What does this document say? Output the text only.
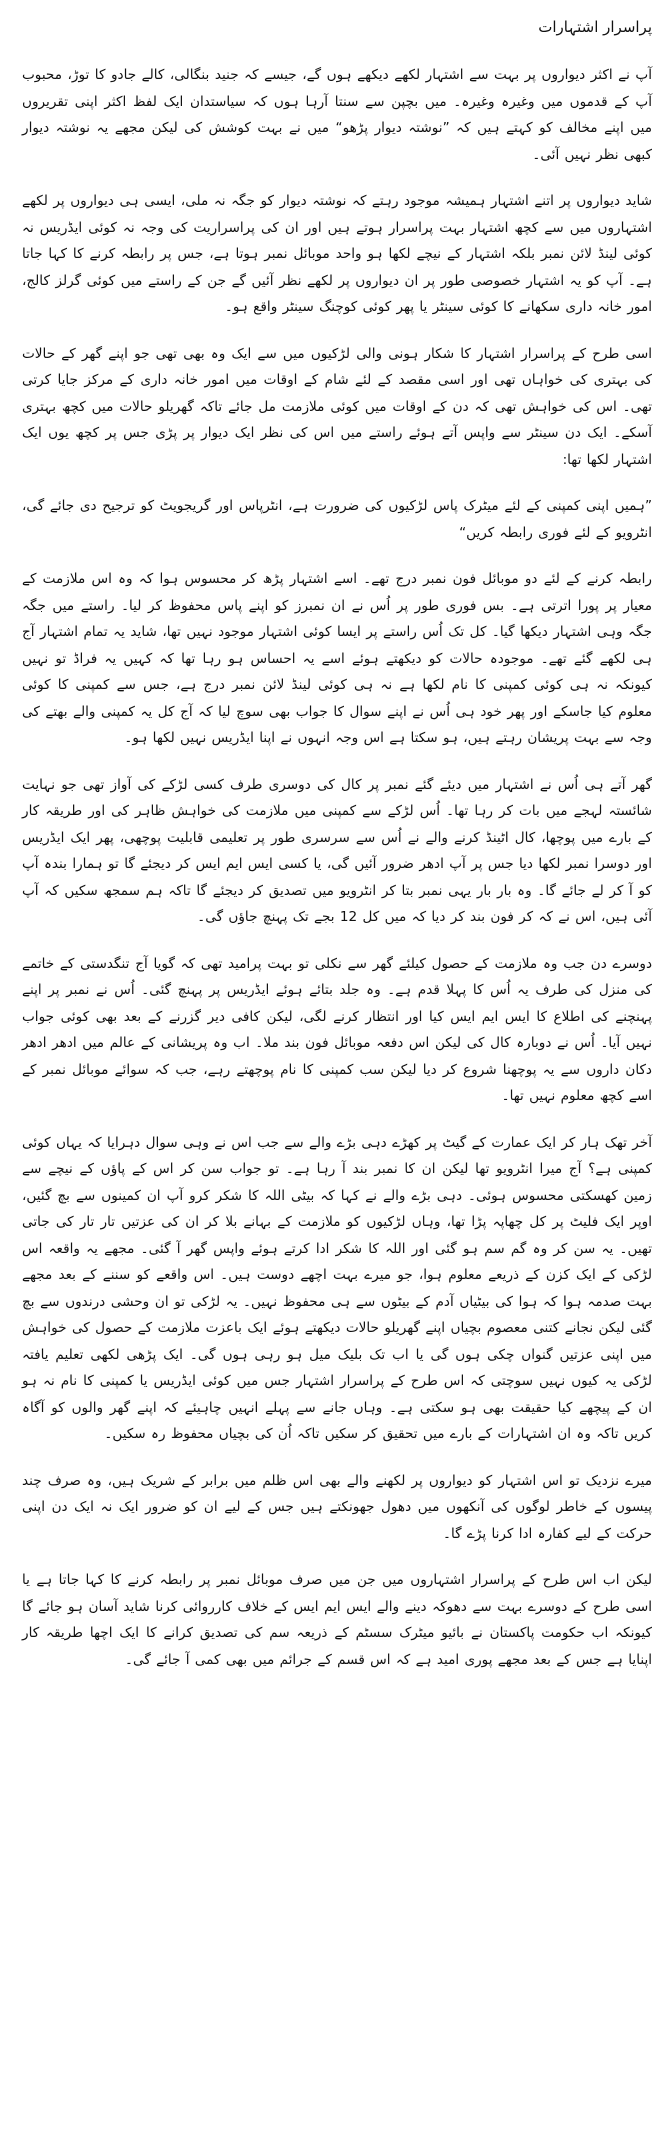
پراسرار اشتہارات

آپ نے اکثر دیواروں پر بہت سے اشتہار لکھے دیکھے ہوں گے، جیسے کہ جنید بنگالی، کالے جادو کا توڑ، محبوب آپ کے قدموں میں وغیرہ وغیرہ۔ میں بچپن سے سنتا آرہا ہوں کہ سیاستدان ایک لفظ اکثر اپنی تقریروں میں اپنے مخالف کو کہتے ہیں کہ ”نوشتہ دیوار پڑھو“ میں نے بہت کوشش کی لیکن مجھے یہ نوشتہ دیوار کبھی نظر نہیں آئی۔

شاید دیواروں پر اتنے اشتہار ہمیشہ موجود رہتے کہ نوشتہ دیوار کو جگہ نہ ملی، ایسی ہی دیواروں پر لکھے اشتہاروں میں سے کچھ اشتہار بہت پراسرار ہوتے ہیں اور ان کی پراسراریت کی وجہ نہ کوئی ایڈریس نہ کوئی لینڈ لائن نمبر بلکہ اشتہار کے نیچے لکھا ہو واحد موبائل نمبر ہوتا ہے، جس پر رابطہ کرنے کا کہا جاتا ہے۔ آپ کو یہ اشتہار خصوصی طور پر ان دیواروں پر لکھے نظر آئیں گے جن کے راستے میں کوئی گرلز کالج، امور خانہ داری سکھانے کا کوئی سینٹر یا پھر کوئی کوچنگ سینٹر واقع ہو۔

اسی طرح کے پراسرار اشتہار کا شکار ہونی والی لڑکیوں میں سے ایک وہ بھی تھی جو اپنے گھر کے حالات کی بہتری کی خواہاں تھی اور اسی مقصد کے لئے شام کے اوقات میں امور خانہ داری کے مرکز جایا کرتی تھی۔ اس کی خواہش تھی کہ دن کے اوقات میں کوئی ملازمت مل جائے تاکہ گھریلو حالات میں کچھ بہتری آسکے۔ ایک دن سینٹر سے واپس آتے ہوئے راستے میں اس کی نظر ایک دیوار پر پڑی جس پر کچھ یوں ایک اشتہار لکھا تھا:

”ہمیں اپنی کمپنی کے لئے میٹرک پاس لڑکیوں کی ضرورت ہے، انٹرپاس اور گریجویٹ کو ترجیح دی جائے گی، انٹرویو کے لئے فوری رابطہ کریں“

رابطہ کرنے کے لئے دو موبائل فون نمبر درج تھے۔ اسے اشتہار پڑھ کر محسوس ہوا کہ وہ اس ملازمت کے معیار پر پورا اترتی ہے۔ بس فوری طور پر اُس نے ان نمبرز کو اپنے پاس محفوظ کر لیا۔ راستے میں جگہ جگہ وہی اشتہار دیکھا گیا۔ کل تک اُس راستے پر ایسا کوئی اشتہار موجود نہیں تھا، شاید یہ تمام اشتہار آج ہی لکھے گئے تھے۔ موجودہ حالات کو دیکھتے ہوئے اسے یہ احساس ہو رہا تھا کہ کہیں یہ فراڈ تو نہیں کیونکہ نہ ہی کوئی کمپنی کا نام لکھا ہے نہ ہی کوئی لینڈ لائن نمبر درج ہے، جس سے کمپنی کا کوئی معلوم کیا جاسکے اور پھر خود ہی اُس نے اپنے سوال کا جواب بھی سوچ لیا کہ آج کل یہ کمپنی والے بھتے کی وجہ سے بہت پریشان رہتے ہیں، ہو سکتا ہے اس وجہ انہوں نے اپنا ایڈریس نہیں لکھا ہو۔

گھر آتے ہی اُس نے اشتہار میں دیئے گئے نمبر پر کال کی دوسری طرف کسی لڑکے کی آواز تھی جو نہایت شائستہ لہجے میں بات کر رہا تھا۔ اُس لڑکے سے کمپنی میں ملازمت کی خواہش ظاہر کی اور طریقہ کار کے بارے میں پوچھا، کال اٹینڈ کرنے والے نے اُس سے سرسری طور پر تعلیمی قابلیت پوچھی، پھر ایک ایڈریس اور دوسرا نمبر لکھا دیا جس پر آپ ادھر ضرور آئیں گی، یا کسی ایس ایم ایس کر دیجئے گا تو ہمارا بندہ آپ کو آ کر لے جائے گا۔ وہ بار بار یہی نمبر بتا کر انٹرویو میں تصدیق کر دیجئے گا تاکہ ہم سمجھ سکیں کہ آپ آئی ہیں، اس نے کہ کر فون بند کر دیا کہ میں کل 12 بجے تک پہنچ جاؤں گی۔

دوسرے دن جب وہ ملازمت کے حصول کیلئے گھر سے نکلی تو بہت پرامید تھی کہ گویا آج تنگدستی کے خاتمے کی منزل کی طرف یہ اُس کا پہلا قدم ہے۔ وہ جلد بتائے ہوئے ایڈریس پر پہنچ گئی۔ اُس نے نمبر پر اپنے پہنچنے کی اطلاع کا ایس ایم ایس کیا اور انتظار کرنے لگی، لیکن کافی دیر گزرنے کے بعد بھی کوئی جواب نہیں آیا۔ اُس نے دوبارہ کال کی لیکن اس دفعہ موبائل فون بند ملا۔ اب وہ پریشانی کے عالم میں ادھر ادھر دکان داروں سے یہ پوچھنا شروع کر دیا لیکن سب کمپنی کا نام پوچھتے رہے، جب کہ سوائے موبائل نمبر کے اسے کچھ معلوم نہیں تھا۔

آخر تھک ہار کر ایک عمارت کے گیٹ پر کھڑے دہی بڑے والے سے جب اس نے وہی سوال دہرایا کہ یہاں کوئی کمپنی ہے؟ آج میرا انٹرویو تھا لیکن ان کا نمبر بند آ رہا ہے۔ تو جواب سن کر اس کے پاؤں کے نیچے سے زمین کھسکتی محسوس ہوئی۔ دہی بڑے والے نے کہا کہ بیٹی اللہ کا شکر کرو آپ ان کمینوں سے بچ گئیں، اوپر ایک فلیٹ پر کل چھاپہ پڑا تھا، وہاں لڑکیوں کو ملازمت کے بہانے بلا کر ان کی عزتیں تار تار کی جاتی تھیں۔ یہ سن کر وہ گم سم ہو گئی اور اللہ کا شکر ادا کرتے ہوئے واپس گھر آ گئی۔ مجھے یہ واقعہ اس لڑکی کے ایک کزن کے ذریعے معلوم ہوا، جو میرے بہت اچھے دوست ہیں۔ اس واقعے کو سننے کے بعد مجھے بہت صدمہ ہوا کہ ہوا کی بیٹیاں آدم کے بیٹوں سے ہی محفوظ نہیں۔ یہ لڑکی تو ان وحشی درندوں سے بچ گئی لیکن نجانے کتنی معصوم بچیاں اپنے گھریلو حالات دیکھتے ہوئے ایک باعزت ملازمت کے حصول کی خواہش میں اپنی عزتیں گنواں چکی ہوں گی یا اب تک بلیک میل ہو رہی ہوں گی۔ ایک پڑھی لکھی تعلیم یافتہ لڑکی یہ کیوں نہیں سوچتی کہ اس طرح کے پراسرار اشتہار جس میں کوئی ایڈریس یا کمپنی کا نام نہ ہو ان کے پیچھے کیا حقیقت بھی ہو سکتی ہے۔ وہاں جانے سے پہلے انہیں چاہیئے کہ اپنے گھر والوں کو آگاہ کریں تاکہ وہ ان اشتہارات کے بارے میں تحقیق کر سکیں تاکہ اُن کی بچیاں محفوظ رہ سکیں۔

میرے نزدیک تو اس اشتہار کو دیواروں پر لکھنے والے بھی اس ظلم میں برابر کے شریک ہیں، وہ صرف چند پیسوں کے خاطر لوگوں کی آنکھوں میں دھول جھونکتے ہیں جس کے لیے ان کو ضرور ایک نہ ایک دن اپنی حرکت کے لیے کفارہ ادا کرنا پڑے گا۔

لیکن اب اس طرح کے پراسرار اشتہاروں میں جن میں صرف موبائل نمبر پر رابطہ کرنے کا کہا جاتا ہے یا اسی طرح کے دوسرے بہت سے دھوکہ دینے والے ایس ایم ایس کے خلاف کارروائی کرنا شاید آسان ہو جائے گا کیونکہ اب حکومت پاکستان نے بائیو میٹرک سسٹم کے ذریعہ سم کی تصدیق کرانے کا ایک اچھا طریقہ کار اپنایا ہے جس کے بعد مجھے پوری امید ہے کہ اس قسم کے جرائم میں بھی کمی آ جائے گی۔
